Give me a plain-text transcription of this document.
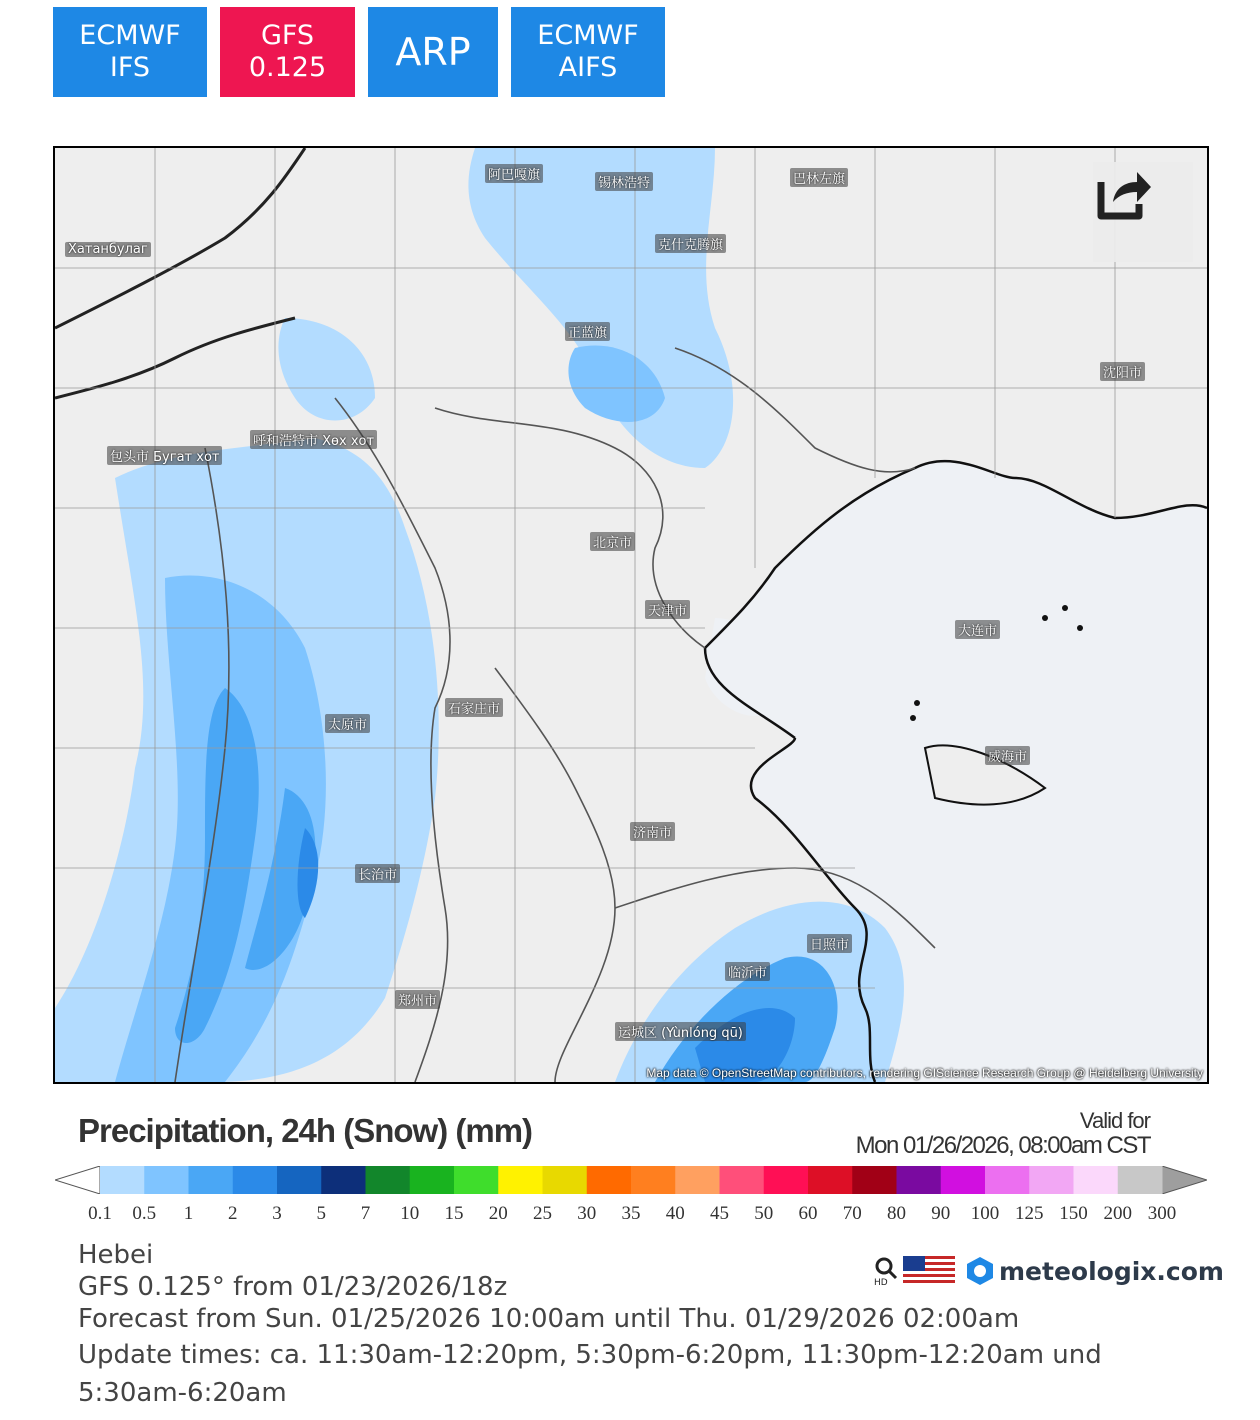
ECMWF
IFS
GFS
0.125 ARP ECMWF
AIFS
Хатанбулаг
阿巴嘎旗
锡林浩特	巴林左旗
克什克腾旗
正蓝旗
呼和浩特市 Хөх хот
包头市 Бугат хот
北京市
天津市
大连市
石家庄市
太原市
郑州市
济南市
临沂市
日照市
沈阳市
威海市
长治市
运城区 (Yùnlóng qū)
Map data © OpenStreetMap contributors, rendering GIScience Research Group @ Heidelberg University
Precipitation, 24h (Snow) (mm)	Valid for
Mon 01/26/2026, 08:00am CST
0.1 0.5 1 2 3 5 7 10 15 20 25 30 35 40 45 50 60 70 80 90 100 125 150 200 300
Hebei
GFS 0.125° from 01/23/2026/18z
Forecast from Sun. 01/25/2026 10:00am until Thu. 01/29/2026 02:00am
Update times: ca. 11:30am-12:20pm, 5:30pm-6:20pm, 11:30pm-12:20am und
5:30am-6:20am
HD	meteologix.com
